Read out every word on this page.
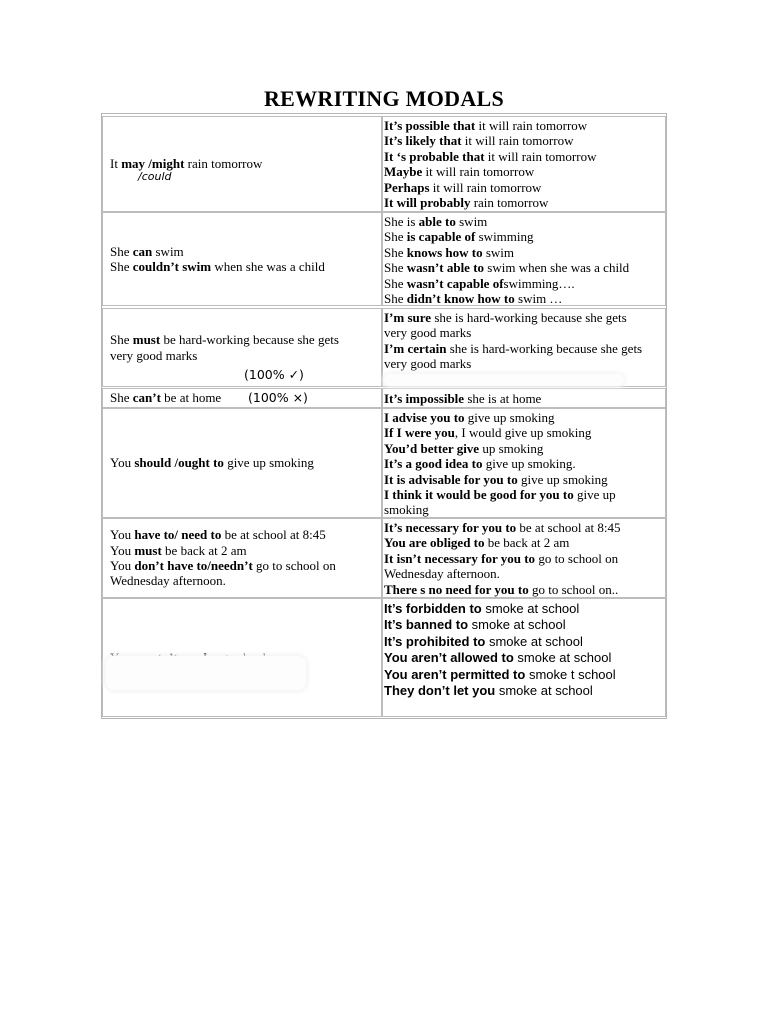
REWRITING MODALS
It may /might rain tomorrow
It’s possible that it will rain tomorrow
It’s likely that it will rain tomorrow
It ‘s probable that it will rain tomorrow
Maybe it will rain tomorrow
Perhaps it will rain tomorrow
It will probably rain tomorrow
She can swim
She couldn’t swim when she was a child
She is able to swim
She is capable of swimming
She knows how to swim
She wasn’t able to swim when she was a child
She wasn’t capable ofswimming….
She didn’t know how to swim …
She must be hard-working because she gets
very good marks
I’m sure she is hard-working because she gets
very good marks
I’m certain she is hard-working because she gets
very good marks
She can’t be at home	It’s impossible she is at home
You should /ought to give up smoking
I advise you to give up smoking
If I were you, I would give up smoking
You’d better give up smoking
It’s a good idea to give up smoking.
It is advisable for you to give up smoking
I think it would be good for you to give up
smoking
You have to/ need to be at school at 8:45
You must be back at 2 am
You don’t have to/needn’t go to school on
Wednesday afternoon.
It’s necessary for you to be at school at 8:45
You are obliged to be back at 2 am
It isn’t necessary for you to go to school on
Wednesday afternoon.
There s no need for you to go to school on..
It’s forbidden to smoke at school
It’s banned to smoke at school
It’s prohibited to smoke at school
You aren’t allowed to smoke at school
You aren’t permitted to smoke t school
They don’t let you smoke at school
/could
(100% ✓)
(100% ×)
